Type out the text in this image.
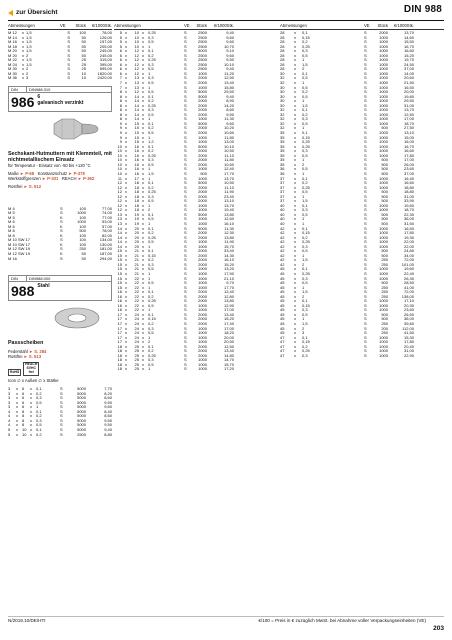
zur Übersicht	DIN 988
Abmessungen	VE	Stück	€/1000Stk.
M 12	x 1,5	S	100	78,00
M 14	x 1,5	S	50	126,00
M 16	x 1,5	S	50	157,00
M 18	x 1,5	S	50	205,00
M 20	x 1,5	S	50	245,00
M 20	x 2	S	50	245,00
M 22	x 1,5	S	25	315,00
M 24	x 1,5	S	25	395,00
M 30	x 2	S	25	595,00
M 30	x 2	S	10	1820,00
M 36	x 3	S	10	2420,00
DIN	DIN988.310
986 6
galvanisch verzinkt
Sechskant-Hutmuttern mit Klemmteil, mit nichtmetallischem Einsatz
für Temperatur - Einsatz von -50 bis +120 °C
Maße ► P-68 Konstanzschutz ► P-378
Werkstoffgrenzen ► P-331 REACH ► P-362
Rostfrei ► S. 512
M 4	S	100	77,00
M 5	S	1000	74,00
M 5	K	100	77,00
M 6	S	1000	53,00
M 6	K	100	57,00
M 8	S	500	78,00
M 8	K	100	82,00
M 10 SW 17	S	100	134,00
M 10 SW 17	K	100	130,00
M 12 SW 19	S	250	181,00
M 12 SW 19	K	50	187,00
M 16	S	50	294,00
DIN	DIN988.000
988 Stahl
Passscheiben
Federstahl ► S. 284
Rostfrei ► S. 513
RoHSREACH SVHC frei
Icon ∅ x Außen ∅ x Stärke
3	x	6	x	0,1	S	5000	7,70
3	x	6	x	0,2	S	5000	8,20
3	x	6	x	0,3	S	5000	8,60
3	x	6	x	0,5	S	5000	9,50
3	x	6	x	1	S	5000	9,60
4	x	8	x	0,1	S	5000	8,40
4	x	8	x	0,2	S	5000	8,60
4	x	8	x	0,3	S	5000	9,50
4	x	8	x	0,5	S	5000	9,50
5	x	10 x	0,1	S	5000	9,40
5	x	10 x	0,2	S	2500	8,80
Abmessungen	VE	Stück	€/1000Stk.
5 x	10 x	0,25	S	2500	9,40
5 x	10 x	0,3	S	2500	9,60
5 x	10 x	0,5	S	2500	9,60
5 x	10 x	1	S	2500	10,70
6 x	12 x	0,1	S	5000	9,10
6 x	12 x	0,2	S	2500	9,60
6 x	12 x	0,25	S	2500	9,50
6 x	12 x	0,3	S	2500	10,10
6 x	12 x	0,5	S	2500	9,40
6 x	12 x	1	S	1000	11,20
7 x	13 x	0,3	S	2000	12,50
7 x	13 x	0,5	S	2000	13,40
7 x	13 x	1	S	1000	15,80
8 x	12 x	0,5	S	5000	29,50
8 x	14 x	0,1	S	5000	9,40
8 x	14 x	0,2	S	2000	8,90
8 x	14 x	0,25	S	2000	14,20
8 x	14 x	0,3	S	2000	8,60
8 x	14 x	0,5	S	2000	9,50
8 x	14 x	1	S	1000	11,30
9 x	15 x	0,1	S	5000	9,60
9 x	15 x	0,2	S	2000	10,20
9 x	15 x	0,5	S	2000	10,60
9 x	15 x	1	S	1000	11,80
9 x	15 x	1,2	S	1000	13,00
10 x	16 x	0,1	S	5000	10,10
10 x	16 x	0,2	S	2000	10,50
10 x	16 x	0,25	S	2000	11,10
10 x	16 x	0,3	S	2000	11,80
10 x	16 x	0,5	S	2000	10,60
10 x	16 x	1	S	1000	12,40
10 x	16 x	1,5	S	500	17,70
11 x	17 x	1	S	1000	13,70
12 x	18 x	0,1	S	5000	10,50
12 x	18 x	0,2	S	2000	11,10
12 x	18 x	0,25	S	2000	11,90
12 x	18 x	0,3	S	2000	23,40
12 x	18 x	0,5	S	2000	13,10
12 x	18 x	1	S	1000	13,70
12 x	18 x	2	S	1000	19,40
13 x	19 x	0,1	S	5000	13,80
13 x	19 x	0,5	S	1000	12,60
13 x	19 x	1	S	1000	16,10
14 x	20 x	0,1	S	5000	11,30
14 x	20 x	0,2	S	2000	12,30
14 x	20 x	0,25	S	2000	13,80
14 x	20 x	0,5	S	1000	11,90
14 x	20 x	1	S	1000	15,70
15 x	21 x	0,1	S	2000	33,40
15 x	21 x	0,15	S	2000	14,30
15 x	21 x	0,2	S	2000	16,10
15 x	21 x	0,3	S	2000	15,20
15 x	21 x	0,5	S	1000	13,20
15 x	21 x	1	S	1000	17,50
15 x	22 x	1	S	1000	21,10
15 x	22 x	0,5	S	1000	9,70
15 x	22 x	1	S	1000	17,70
16 x	22 x	0,1	S	2000	12,40
16 x	22 x	0,2	S	2000	12,80
16 x	22 x	0,25	S	2000	13,80
16 x	22 x	0,5	S	1000	12,90
16 x	22 x	1	S	1000	17,00
17 x	24 x	0,1	S	2000	13,40
17 x	24 x	0,15	S	2000	15,20
17 x	24 x	0,2	S	2000	17,40
17 x	24 x	0,3	S	1000	17,00
17 x	24 x	0,5	S	1000	18,20
17 x	24 x	1	S	1000	20,00
17 x	24 x	2	S	1000	20,50
18 x	25 x	0,1	S	2000	12,50
18 x	25 x	0,2	S	2000	13,40
18 x	25 x	0,25	S	2000	14,80
18 x	25 x	0,3	S	1000	14,70
18 x	25 x	0,5	S	1000	15,70
18 x	25 x	1	S	1000	17,20
Abmessungen	VE	Stück	€/1000Stk.
28	x	0,1	S	2000	13,70
28	x	0,15	S	1000	14,60
28	x	0,2	S	1000	15,50
28	x	0,25	S	1000	16,70
28	x	0,3	S	1000	16,60
28	x	0,5	S	1000	15,20
28	x	1	S	1000	19,70
28	x	1,5	S	1000	24,50
28	x	2	S	1000	37,00
30	x	0,1	S	1000	14,00
32	x	0,5	S	1000	20,60
32	x	1	S	1000	21,50
30	x	0,5	S	1000	16,50
30	x	0,2	S	1000	20,00
30	x	0,5	S	1000	19,80
30	x	1	S	1000	29,50
30	x	1,5	S	1000	31,00
32	x	0,1	S	1000	13,70
32	x	0,2	S	1000	12,50
32	x	0,3	S	1000	17,00
32	x	0,5	S	1000	18,70
32	x	1	S	500	27,50
35	x	0,1	S	1000	13,10
35	x	0,15	S	1000	15,00
35	x	0,25	S	1000	16,00
35	x	0,25	S	1000	16,70
35	x	0,3	S	1000	16,60
35	x	0,5	S	1000	17,80
35	x	1	S	500	17,00
35	x	2	S	500	26,00
36	x	0,5	S	500	23,60
36	x	1	S	500	37,00
37	x	0,1	S	1000	16,40
37	x	0,2	S	1000	16,60
37	x	0,25	S	1000	18,80
37	x	0,5	S	500	18,80
37	x	1	S	500	31,00
37	x	1,5	S	500	33,90
40	x	0,1	S	1000	19,60
40	x	0,3	S	1000	18,70
40	x	0,5	S	500	22,30
40	x	1	S	500	36,00
40	x	1	S	500	31,50
42	x	0,1	S	1000	16,50
42	x	0,15	S	1000	17,80
42	x	0,2	S	1000	19,30
42	x	0,25	S	1000	22,00
42	x	0,3	S	1000	22,00
42	x	0,5	S	500	24,80
42	x	1	S	500	34,00
42	x	1,5	S	250	72,00
42	x	2	S	250	101,00
45	x	0,1	S	1000	19,60
45	x	0,25	S	1000	22,40
45	x	0,3	S	1000	26,30
45	x	0,5	S	500	28,50
45	x	1	S	250	41,00
45	x	1,5	S	250	72,00
45	x	2	S	250	138,00
45	x	0,1	S	1000	17,10
45	x	0,15	S	1000	20,30
45	x	0,3	S	1000	23,60
45	x	0,5	S	500	26,50
45	x	1	S	500	36,00
45	x	1,5	S	250	39,60
45	x	2	S	200	112,00
45	x	3	S	250	41,50
47	x	0,1	S	1000	15,30
47	x	0,15	S	1000	17,80
47	x	0,2	S	1000	20,40
47	x	0,25	S	1000	31,00
47	x	0,3	S	1000	22,90
N/2019.10/DE/HTI	€/100 = Preis in € zuzüglich MwSt. bei Abnahme voller Verpackungseinheiten (VE)
203
